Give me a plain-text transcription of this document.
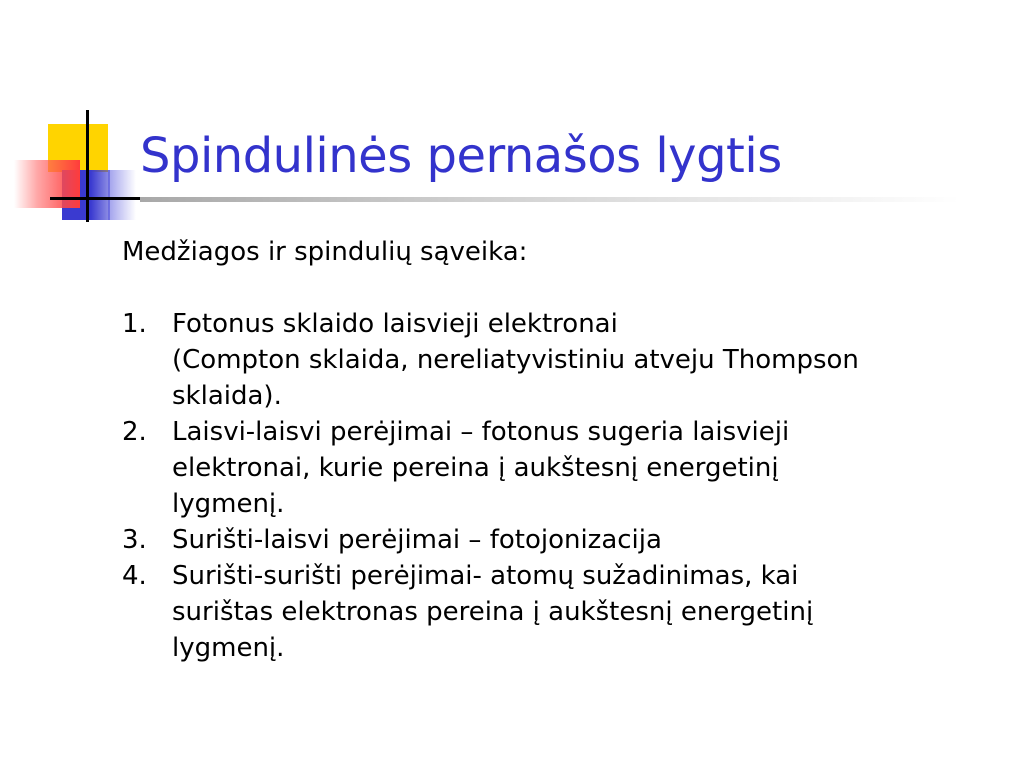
Spindulinės pernašos lygtis

Medžiagos ir spindulių sąveika:

1. Fotonus sklaido laisvieji elektronai
(Compton sklaida, nereliatyvistiniu atveju Thompson
sklaida).
2. Laisvi-laisvi perėjimai – fotonus sugeria laisvieji
elektronai, kurie pereina į aukštesnį energetinį
lygmenį.
3. Surišti-laisvi perėjimai – fotojonizacija
4. Surišti-surišti perėjimai- atomų sužadinimas, kai
surištas elektronas pereina į aukštesnį energetinį
lygmenį.
